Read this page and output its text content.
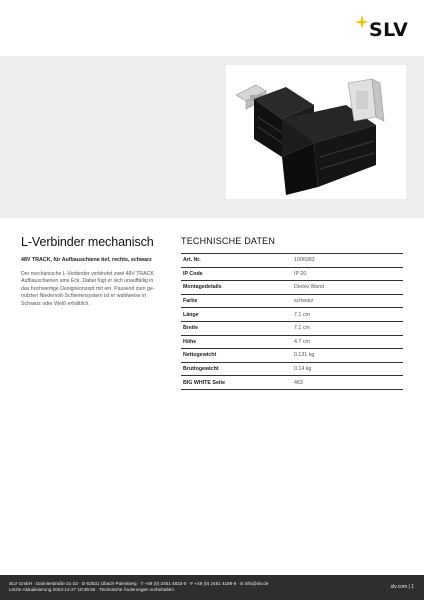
SLV
L-Verbinder mechanisch
48V TRACK, für Aufbauschiene tief, rechts, schwarz
Der mechanische L-Verbinder verbindet zwei 48V TRACK
Aufbauschienen ums Eck. Dabei fügt er sich unauffällig in
das hochwertige Designkonzept mit ein. Passend zum ge-
nutzten Niedervolt-Schienensystem ist er wahlweise in
Schwarz oder Weiß erhältlich.
TECHNISCHE DATEN
Art. Nr.	1006983
IP Code	IP 20
Montagedetails	Decke,Wand
Farbe	schwarz
Länge	7.1 cm
Breite	7.1 cm
Höhe	4.7 cm
Nettogewicht	0.131 kg
Bruttogewicht	0.14 kg
BIG WHITE Seite	463
SLV GmbH · Daimlerstraße 21-23 · D-52531 Übach-Palenberg · T +49 (0) 2451 4833-0 · F +49 (0) 2451 4188-8 · E info@slv.de
Letzte Aktualisierung 2023-12-27 10:38:55 · Technische Änderungen vorbehalten	slv.com | 1
